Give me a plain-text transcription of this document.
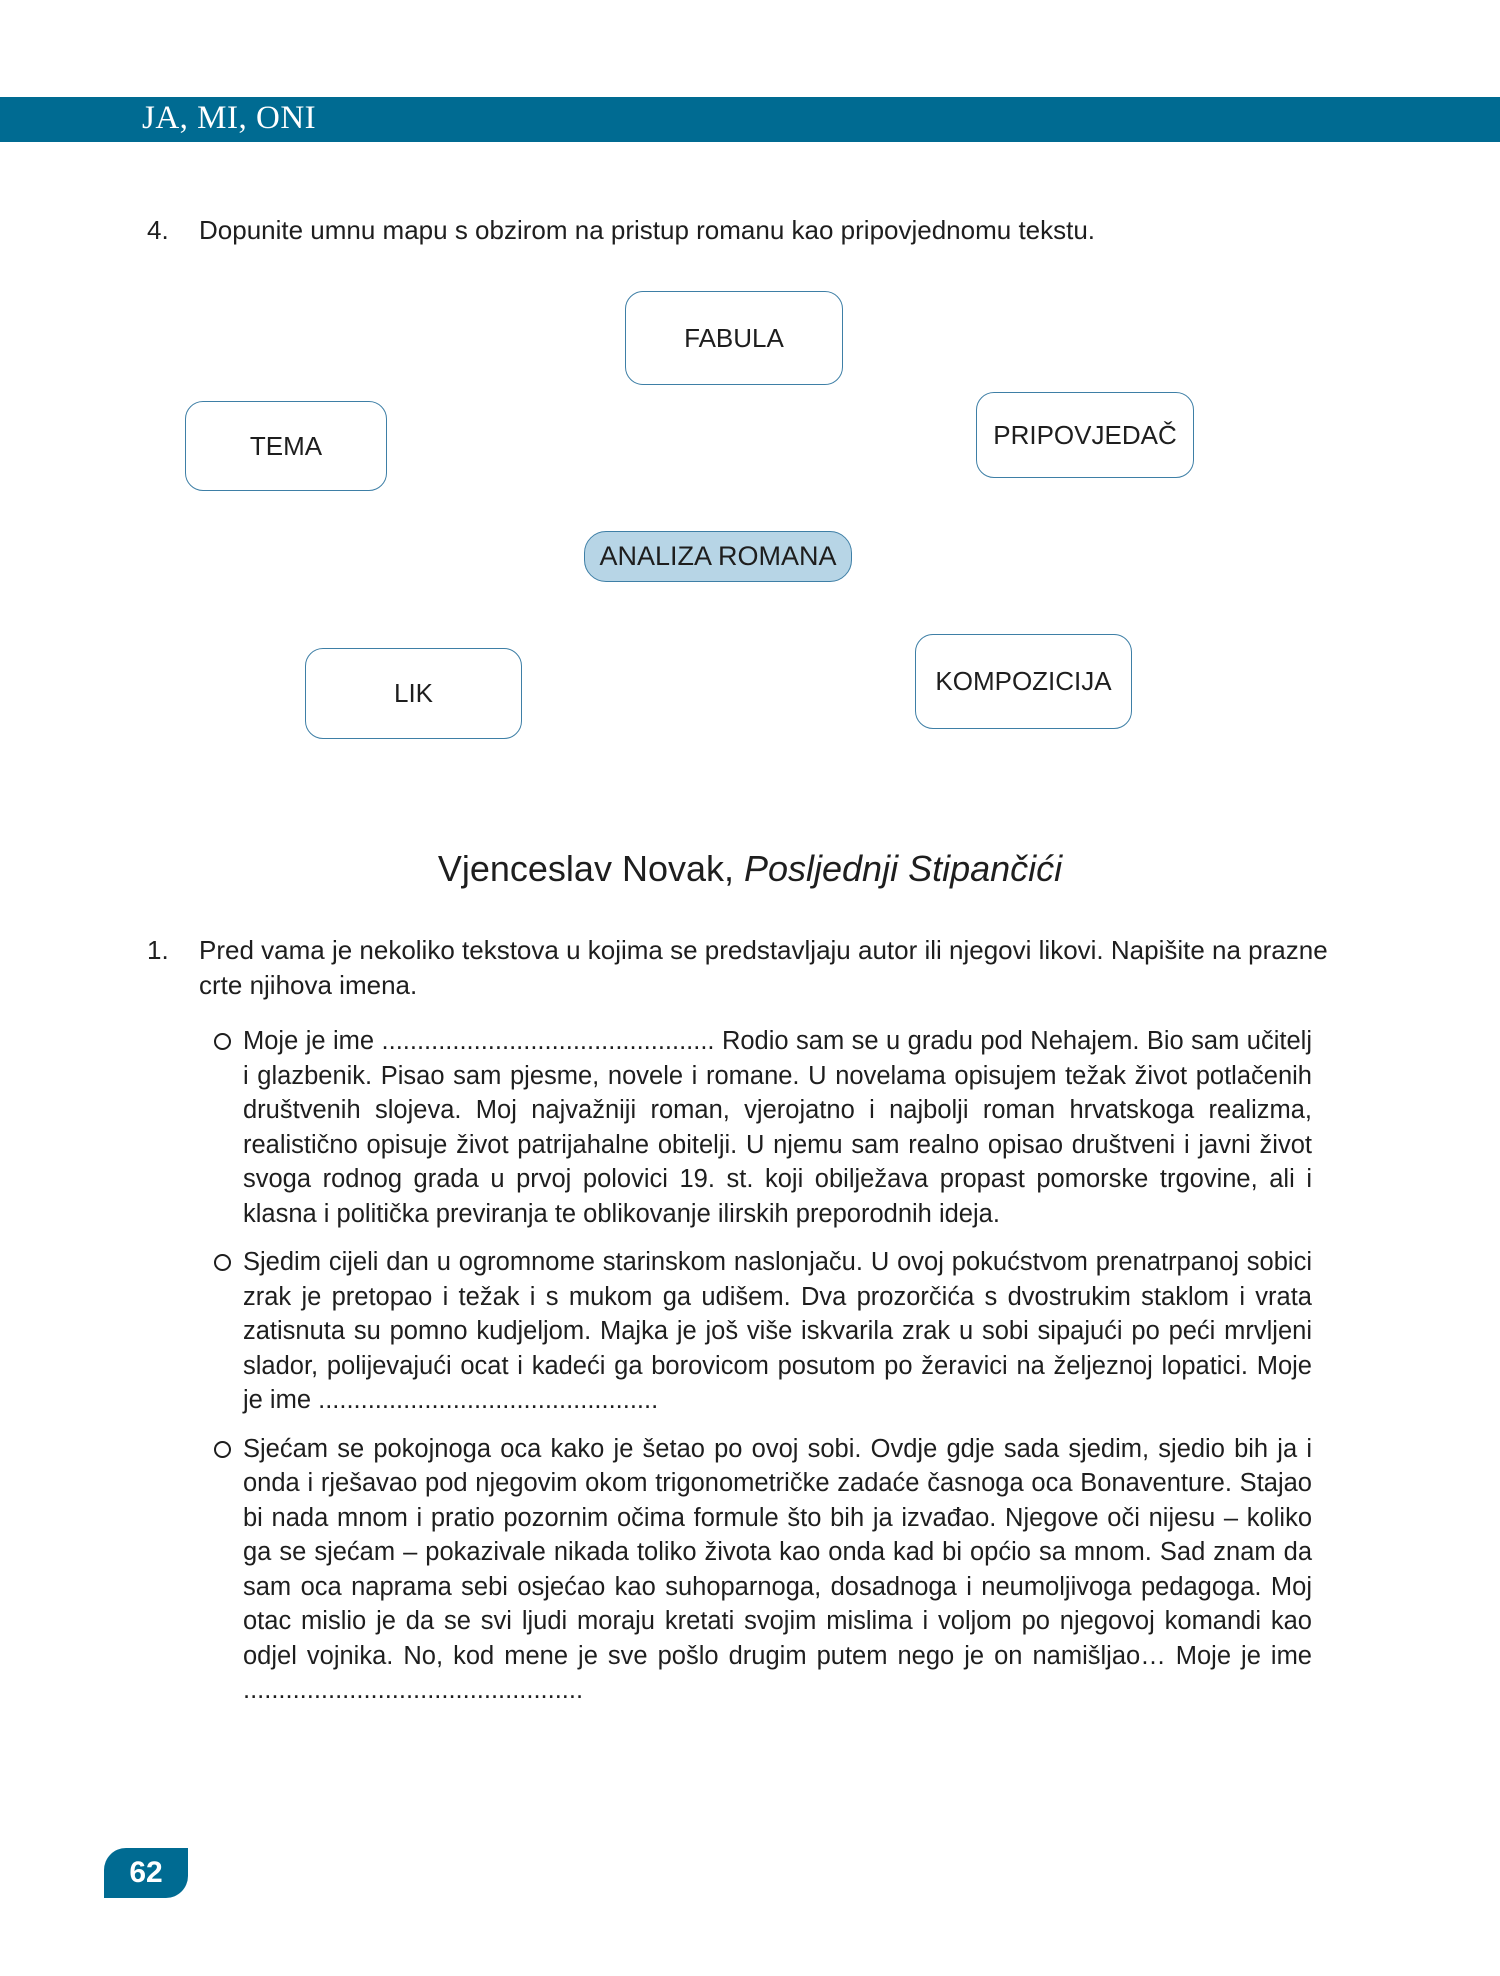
JA, MI, ONI
4. Dopunite umnu mapu s obzirom na pristup romanu kao pripovjednomu tekstu.
FABULA
TEMA	PRIPOVJEDAČ
ANALIZA ROMANA
LIK	KOMPOZICIJA
Vjenceslav Novak, Posljednji Stipančići
1. Pred vama je nekoliko tekstova u kojima se predstavljaju autor ili njegovi likovi. Napišite na prazne crte njihova imena.
Moje je ime ............................................... Rodio sam se u gradu pod Nehajem. Bio sam učitelj i glazbenik. Pisao sam pjesme, novele i romane. U novelama opisujem težak život potlačenih društvenih slojeva. Moj najvažniji roman, vjerojatno i najbolji roman hrvatskoga realizma, realistično opisuje život patrijahalne obitelji. U njemu sam realno opisao društveni i javni život svoga rodnog grada u prvoj polovici 19. st. koji obilježava propast pomorske trgovine, ali i klasna i politička previranja te oblikovanje ilirskih preporodnih ideja.
Sjedim cijeli dan u ogromnome starinskom naslonjaču. U ovoj pokućstvom prenatrpanoj sobici zrak je pretopao i težak i s mukom ga udišem. Dva prozorčića s dvostrukim staklom i vrata zatisnuta su pomno kudjeljom. Majka je još više iskvarila zrak u sobi sipajući po peći mrvljeni slador, polijevajući ocat i kadeći ga borovicom posutom po žeravici na željeznoj lopatici. Moje je ime ................................................
Sjećam se pokojnoga oca kako je šetao po ovoj sobi. Ovdje gdje sada sjedim, sjedio bih ja i onda i rješavao pod njegovim okom trigonometričke zadaće časnoga oca Bonaventure. Stajao bi nada mnom i pratio pozornim očima formule što bih ja izvađao. Njegove oči nijesu – koliko ga se sjećam – pokazivale nikada toliko života kao onda kad bi općio sa mnom. Sad znam da sam oca naprama sebi osjećao kao suhoparnoga, dosadnoga i neumoljivoga pedagoga. Moj otac mislio je da se svi ljudi moraju kretati svojim mislima i voljom po njegovoj komandi kao odjel vojnika. No, kod mene je sve pošlo drugim putem nego je on namišljao… Moje je ime ................................................
62
